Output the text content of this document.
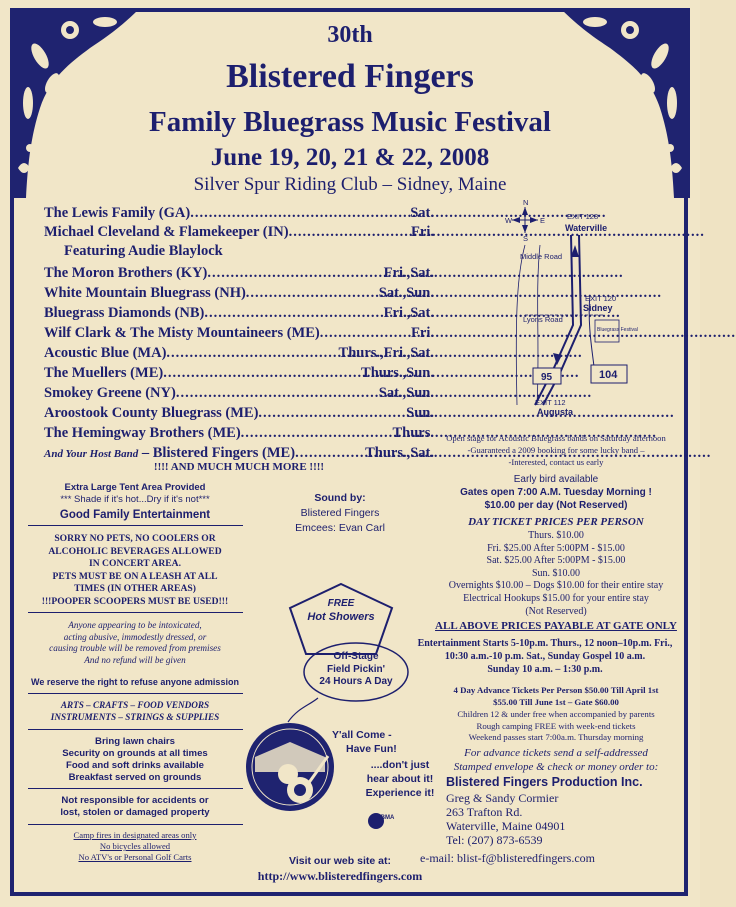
30th
Blistered Fingers
Family Bluegrass Music Festival
June 19, 20, 21 & 22, 2008
Silver Spur Riding Club – Sidney, Maine
The Lewis Family (GA)	Sat.
.....
Michael Cleveland & Flamekeeper (IN)	Fri.
.....
Featuring Audie Blaylock
The Moron Brothers (KY)	Fri.,Sat.
.....
White Mountain Bluegrass (NH)	Sat.,Sun.
.....
Bluegrass Diamonds (NB)	Fri.,Sat.
.....
Wilf Clark & The Misty Mountaineers (ME)	Fri.
.....
Acoustic Blue (MA)	Thurs.,Fri.,Sat.
.....
The Muellers (ME)	Thurs.,Sun.
.....
Smokey Greene (NY)	Sat.,Sun.
.....
Aroostook County Bluegrass (ME)	Sun.
.....
The Hemingway Brothers (ME)	Thurs.
.....
And Your Host Band – Blistered Fingers (ME)	Thurs.,Sat.
.....
!!!! AND MUCH MUCH MORE !!!!
N
W	E
S
EXIT 128
Waterville
Middle Road
EXIT 120
Sidney
Lyons Road
Bluegrass Festival
95	104
EXIT 112
Augusta
Open stage for Acoustic Bluegrass bands on Saturday afternoon
-Guaranteed a 2009 booking for some lucky band –
-Interested, contact us early
Early bird available
Gates open 7:00 A.M. Tuesday Morning !
$10.00 per day (Not Reserved)
DAY TICKET PRICES PER PERSON
Thurs. $10.00
Fri. $25.00 After 5:00PM - $15.00
Sat. $25.00 After 5:00PM - $15.00
Sun. $10.00
Overnights $10.00 – Dogs $10.00 for their entire stay
Electrical Hookups $15.00 for your entire stay
(Not Reserved)
ALL ABOVE PRICES PAYABLE AT GATE ONLY
Entertainment Starts 5-10p.m. Thurs., 12 noon–10p.m. Fri.,
10:30 a.m.-10 p.m. Sat., Sunday Gospel 10 a.m.
Sunday 10 a.m. – 1:30 p.m.
4 Day Advance Tickets Per Person $50.00 Till April 1st
$55.00 Till June 1st – Gate $60.00
Children 12 & under free when accompanied by parents
Rough camping FREE with week-end tickets
Weekend passes start 7:00a.m. Thursday morning
For advance tickets send a self-addressed
Stamped envelope & check or money order to:
Blistered Fingers Production Inc.
Greg & Sandy Cormier
263 Trafton Rd.
Waterville, Maine 04901
Tel: (207) 873-6539
e-mail: blist-f@blisteredfingers.com
Extra Large Tent Area Provided
*** Shade if it's hot...Dry if it's not***
Good Family Entertainment
SORRY NO PETS, NO COOLERS OR
ALCOHOLIC BEVERAGES ALLOWED
IN CONCERT AREA.
PETS MUST BE ON A LEASH AT ALL
TIMES (IN OTHER AREAS)
!!!POOPER SCOOPERS MUST BE USED!!!
Anyone appearing to be intoxicated,
acting abusive, immodestly dressed, or
causing trouble will be removed from premises
And no refund will be given
We reserve the right to refuse anyone admission
ARTS – CRAFTS – FOOD VENDORS
INSTRUMENTS – STRINGS & SUPPLIES
Bring lawn chairs
Security on grounds at all times
Food and soft drinks available
Breakfast served on grounds
Not responsible for accidents or
lost, stolen or damaged property
Camp fires in designated areas only
No bicycles allowed
No ATV's or Personal Golf Carts
Sound by:
Blistered Fingers
Emcees: Evan Carl
FREE
Hot Showers
Off-Stage
Field Pickin'
24 Hours A Day
Y'all Come -
Have Fun!
....don't just
hear about it!
Experience it!
IBMA
Visit our web site at:
http://www.blisteredfingers.com
